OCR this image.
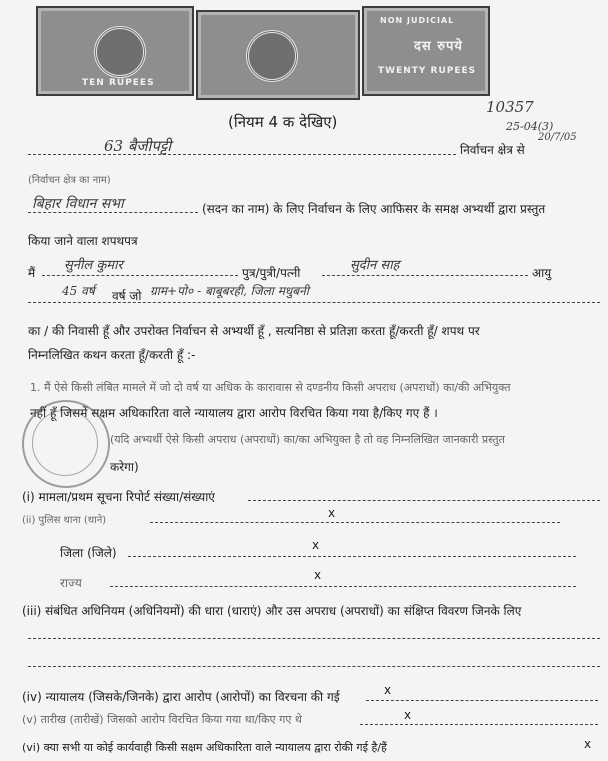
TEN RUPEES
NON JUDICIAL
दस रुपये
TWENTY RUPEES
10357
25-04(3)
20/7/05
(नियम 4 क देखिए)
63 बैजीपट्टी	निर्वाचन क्षेत्र से
(निर्वाचन क्षेत्र का नाम)
बिहार विधान सभा	(सदन का नाम) के लिए निर्वाचन के लिए आफिसर के समक्ष अभ्यर्थी द्वारा प्रस्तुत
किया जाने वाला शपथपत्र
मैं सुनील कुमार	पुत्र/पुत्री/पत्नी	सुदीन साह	आयु
45 वर्ष वर्ष जो ग्राम+पो० - बाबूबरही, जिला मधुबनी
का / की निवासी हूँ और उपरोक्त निर्वाचन से अभ्यर्थी हूँ , सत्यनिष्ठा से प्रतिज्ञा करता हूँ/करती हूँ/ शपथ पर
निम्नलिखित कथन करता हूँ/करती हूँ :-
1. मैं ऐसे किसी लंबित मामले में जो दो वर्ष या अधिक के कारावास से दण्डनीय किसी अपराध (अपराधों) का/की अभियुक्त
नहीं हूँ जिसमें सक्षम अधिकारिता वाले न्यायालय द्वारा आरोप विरचित किया गया है/किए गए हैं ।
(यदि अभ्यर्थी ऐसे किसी अपराध (अपराधों) का/का अभियुक्त है तो वह निम्नलिखित जानकारी प्रस्तुत
करेगा)
(i) मामला/प्रथम सूचना रिपोर्ट संख्या/संख्याएं
(ii) पुलिस थाना (थाने)
x
जिला (जिले)
x
राज्य
x
(iii) संबंधित अधिनियम (अधिनियमों) की धारा (धाराएं) और उस अपराध (अपराधों) का संक्षिप्त विवरण जिनके लिए
(iv) न्यायालय (जिसके/जिनके) द्वारा आरोप (आरोपों) का विरचना की गई	x
(v) तारीख (तारीखें) जिसको आरोप विरचित किया गया था/किए गए थे	x
(vi) क्या सभी या कोई कार्यवाही किसी सक्षम अधिकारिता वाले न्यायालय द्वारा रोकी गई है/हैं	x
